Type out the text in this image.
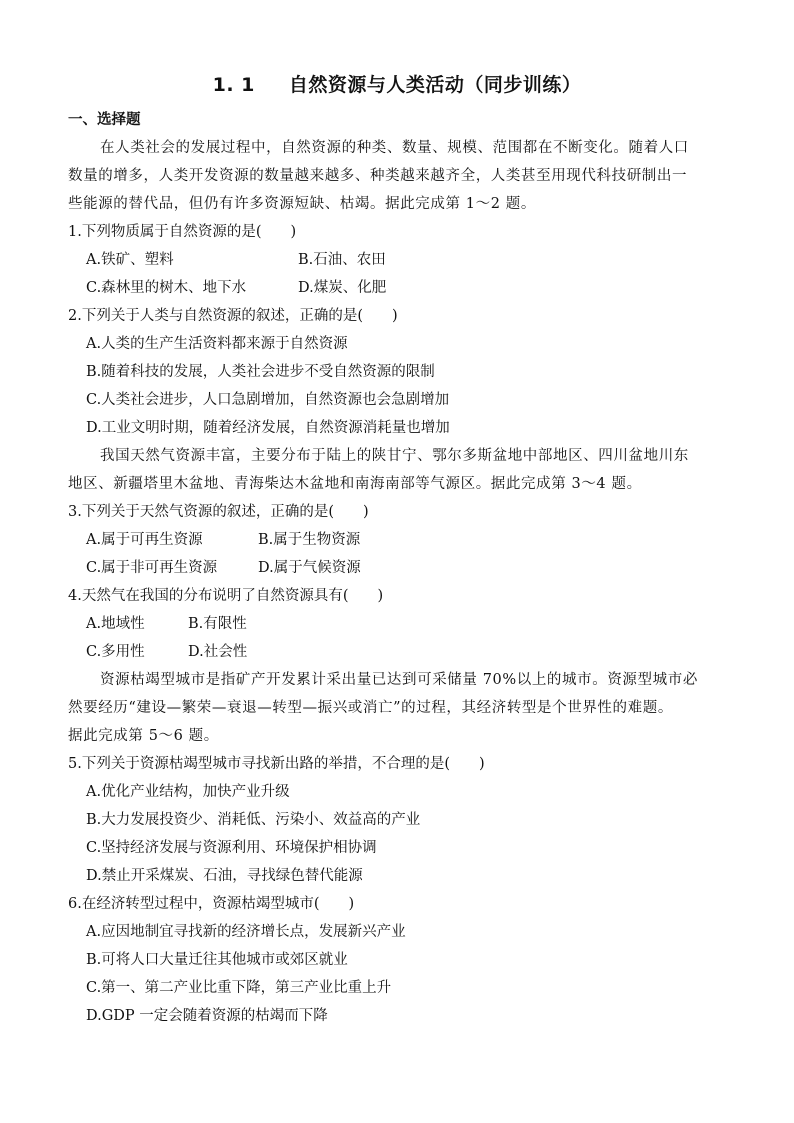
1. 1 自然资源与人类活动（同步训练）
一、选择题
在人类社会的发展过程中，自然资源的种类、数量、规模、范围都在不断变化。随着人口
数量的增多，人类开发资源的数量越来越多、种类越来越齐全，人类甚至用现代科技研制出一
些能源的替代品，但仍有许多资源短缺、枯竭。据此完成第 1～2 题。
1.下列物质属于自然资源的是(　　)
A.铁矿、塑料	B.石油、农田
C.森林里的树木、地下水	D.煤炭、化肥
2.下列关于人类与自然资源的叙述，正确的是(　　)
A.人类的生产生活资料都来源于自然资源
B.随着科技的发展，人类社会进步不受自然资源的限制
C.人类社会进步，人口急剧增加，自然资源也会急剧增加
D.工业文明时期，随着经济发展，自然资源消耗量也增加
我国天然气资源丰富，主要分布于陆上的陕甘宁、鄂尔多斯盆地中部地区、四川盆地川东
地区、新疆塔里木盆地、青海柴达木盆地和南海南部等气源区。据此完成第 3～4 题。
3.下列关于天然气资源的叙述，正确的是(　　)
A.属于可再生资源	B.属于生物资源
C.属于非可再生资源	D.属于气候资源
4.天然气在我国的分布说明了自然资源具有(　　)
A.地域性	B.有限性
C.多用性	D.社会性
资源枯竭型城市是指矿产开发累计采出量已达到可采储量 70%以上的城市。资源型城市必
然要经历“建设—繁荣—衰退—转型—振兴或消亡”的过程，其经济转型是个世界性的难题。
据此完成第 5～6 题。
5.下列关于资源枯竭型城市寻找新出路的举措，不合理的是(　　)
A.优化产业结构，加快产业升级
B.大力发展投资少、消耗低、污染小、效益高的产业
C.坚持经济发展与资源利用、环境保护相协调
D.禁止开采煤炭、石油，寻找绿色替代能源
6.在经济转型过程中，资源枯竭型城市(　　)
A.应因地制宜寻找新的经济增长点，发展新兴产业
B.可将人口大量迁往其他城市或郊区就业
C.第一、第二产业比重下降，第三产业比重上升
D.GDP 一定会随着资源的枯竭而下降
